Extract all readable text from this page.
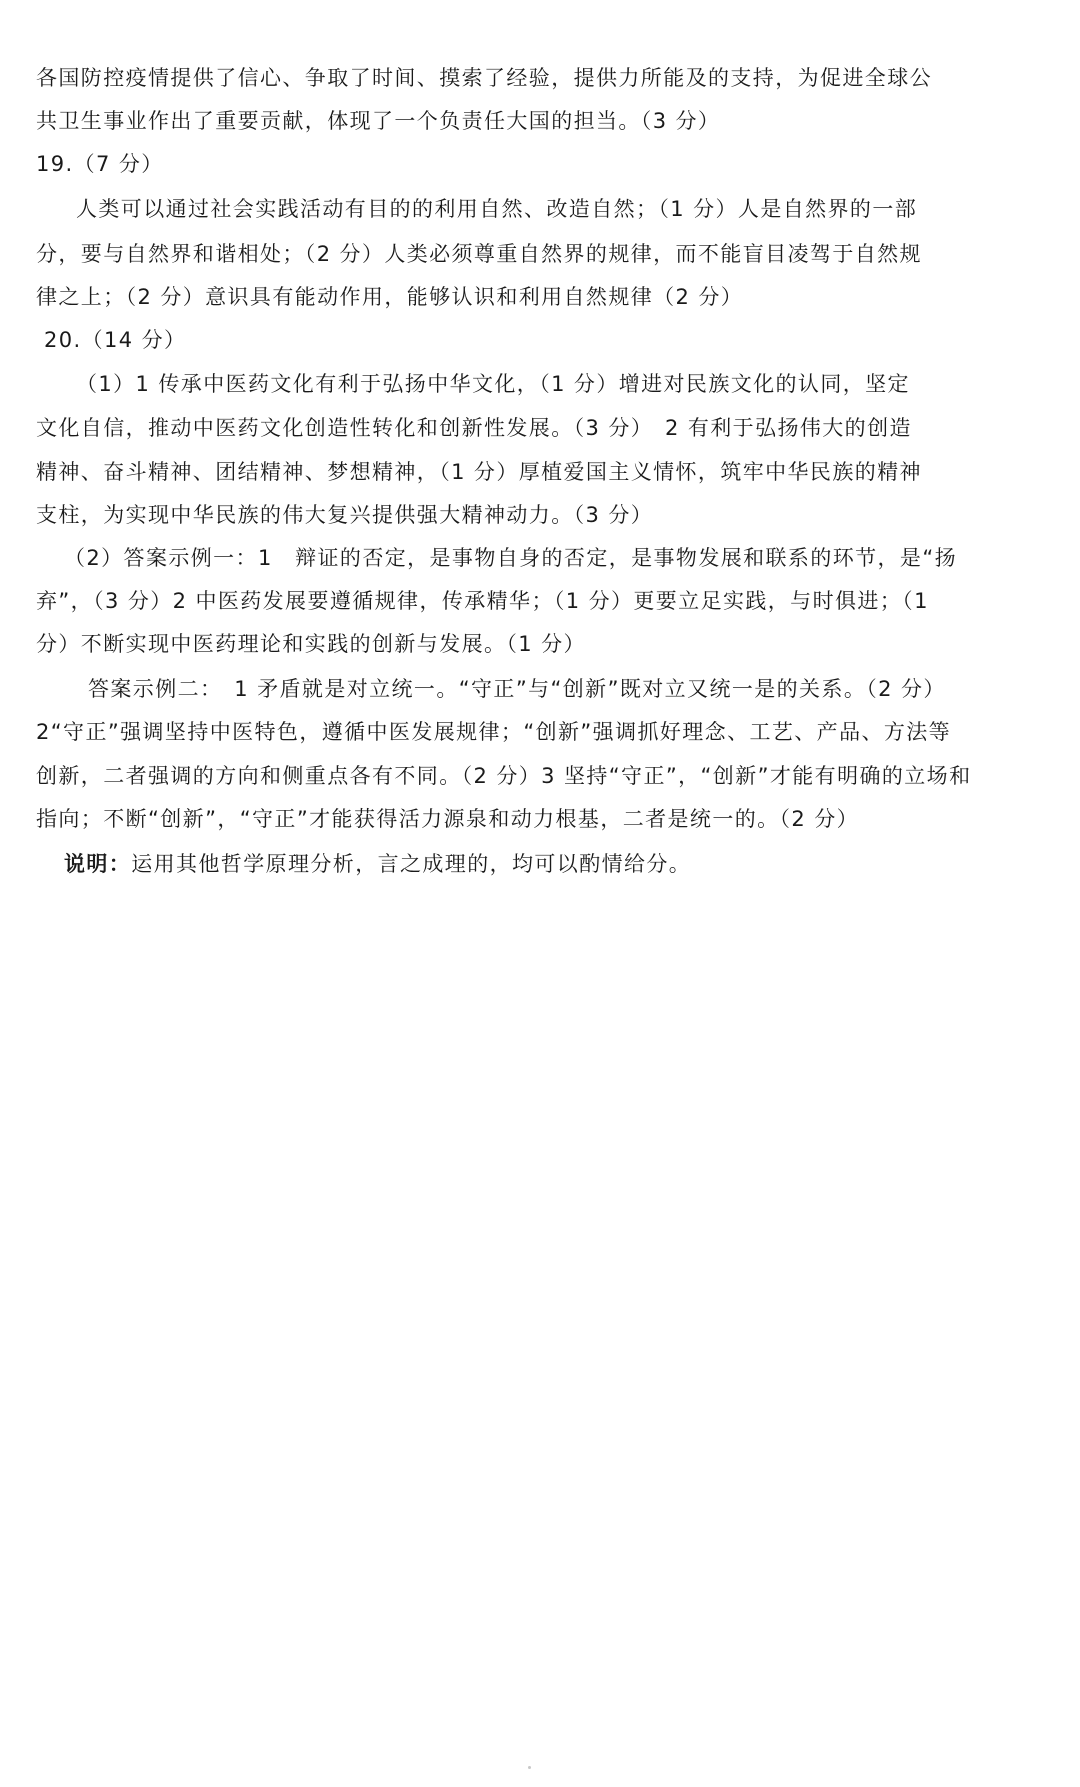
各国防控疫情提供了信心、争取了时间、摸索了经验，提供力所能及的支持，为促进全球公
共卫生事业作出了重要贡献，体现了一个负责任大国的担当。（3 分）
19.（7 分）
人类可以通过社会实践活动有目的的利用自然、改造自然；（1 分）人是自然界的一部
分，要与自然界和谐相处；（2 分）人类必须尊重自然界的规律，而不能盲目凌驾于自然规
律之上；（2 分）意识具有能动作用，能够认识和利用自然规律（2 分）
20.（14 分）
（1）1 传承中医药文化有利于弘扬中华文化，（1 分）增进对民族文化的认同，坚定
文化自信，推动中医药文化创造性转化和创新性发展。（3 分）　2 有利于弘扬伟大的创造
精神、奋斗精神、团结精神、梦想精神，（1 分）厚植爱国主义情怀，筑牢中华民族的精神
支柱，为实现中华民族的伟大复兴提供强大精神动力。（3 分）
（2）答案示例一：1　辩证的否定，是事物自身的否定，是事物发展和联系的环节，是“扬
弃”，（3 分）2 中医药发展要遵循规律，传承精华；（1 分）更要立足实践，与时俱进；（1
分）不断实现中医药理论和实践的创新与发展。（1 分）
答案示例二：　1 矛盾就是对立统一。“守正”与“创新”既对立又统一是的关系。（2 分）
2“守正”强调坚持中医特色，遵循中医发展规律；“创新”强调抓好理念、工艺、产品、方法等
创新，二者强调的方向和侧重点各有不同。（2 分）3 坚持“守正”，“创新”才能有明确的立场和
指向；不断“创新”，“守正”才能获得活力源泉和动力根基，二者是统一的。（2 分）
说明：运用其他哲学原理分析，言之成理的，均可以酌情给分。
